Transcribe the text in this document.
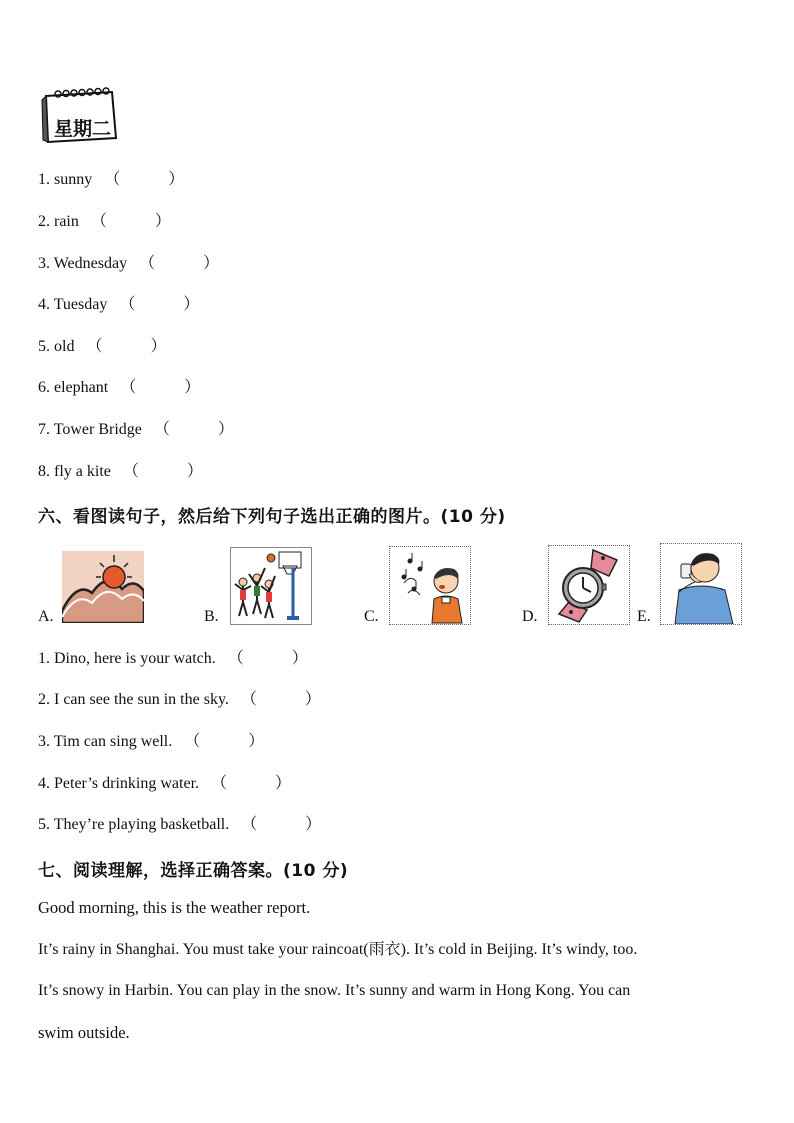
星期二
1. sunny （　　　）
2. rain （　　　）
3. Wednesday （　　　）
4. Tuesday （　　　）
5. old （　　　）
6. elephant （　　　）
7. Tower Bridge （　　　）
8. fly a kite （　　　）
六、看图读句子，然后给下列句子选出正确的图片。(10 分)
A.	B.	C.	D.	E.
1. Dino, here is your watch. （　　　）
2. I can see the sun in the sky. （　　　）
3. Tim can sing well. （　　　）
4. Peter’s drinking water. （　　　）
5. They’re playing basketball. （　　　）
七、阅读理解，选择正确答案。(10 分)
Good morning, this is the weather report.
It’s rainy in Shanghai. You must take your raincoat(雨衣). It’s cold in Beijing. It’s windy, too.
It’s snowy in Harbin. You can play in the snow. It’s sunny and warm in Hong Kong. You can
swim outside.
